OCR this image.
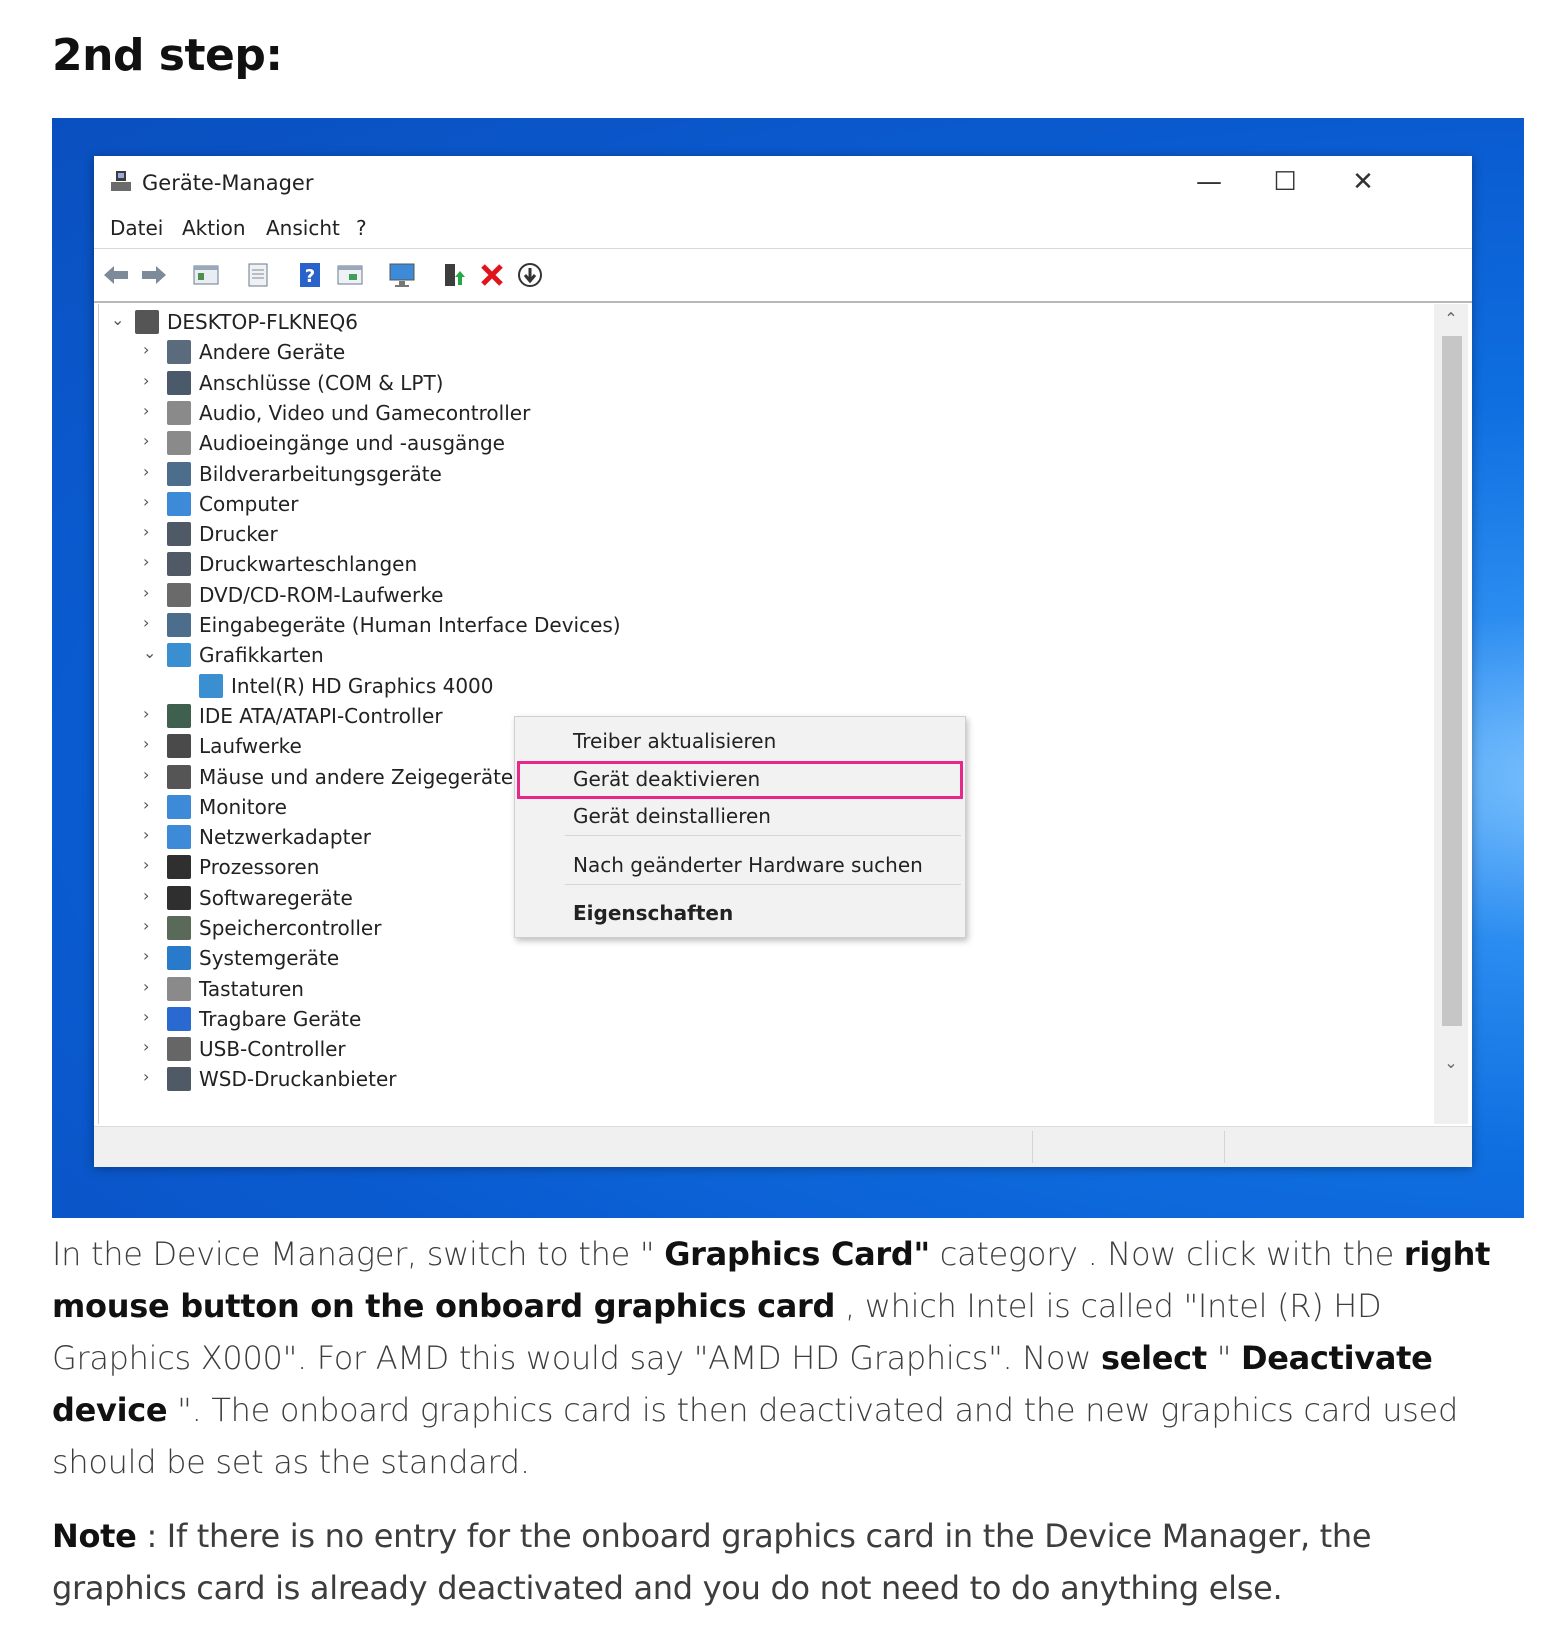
2nd step:
Geräte-Manager	—	☐	✕
Datei Aktion Ansicht ?
?
⌄ DESKTOP-FLKNEQ6
›	Andere Geräte
›	Anschlüsse (COM & LPT)
›	Audio, Video und Gamecontroller
›	Audioeingänge und -ausgänge
›	Bildverarbeitungsgeräte
›	Computer
›	Drucker
›	Druckwarteschlangen
›	DVD/CD-ROM-Laufwerke
›	Eingabegeräte (Human Interface Devices)
⌄ Grafikkarten
Intel(R) HD Graphics 4000
›	IDE ATA/ATAPI-Controller
›	Laufwerke
›	Mäuse und andere Zeigegeräte
›	Monitore
›	Netzwerkadapter
›	Prozessoren
›	Softwaregeräte
›	Speichercontroller
›	Systemgeräte
›	Tastaturen
›	Tragbare Geräte
›	USB-Controller
›	WSD-Druckanbieter
⌃
⌄
Treiber aktualisieren
Gerät deaktivieren
Gerät deinstallieren
Nach geänderter Hardware suchen
Eigenschaften
In the Device Manager, switch to the " Graphics Card" category . Now click with the right mouse button on the onboard graphics card , which Intel is called "Intel (R) HD Graphics X000". For AMD this would say "AMD HD Graphics". Now select " Deactivate device ". The onboard graphics card is then deactivated and the new graphics card used should be set as the standard.
Note : If there is no entry for the onboard graphics card in the Device Manager, the graphics card is already deactivated and you do not need to do anything else.
